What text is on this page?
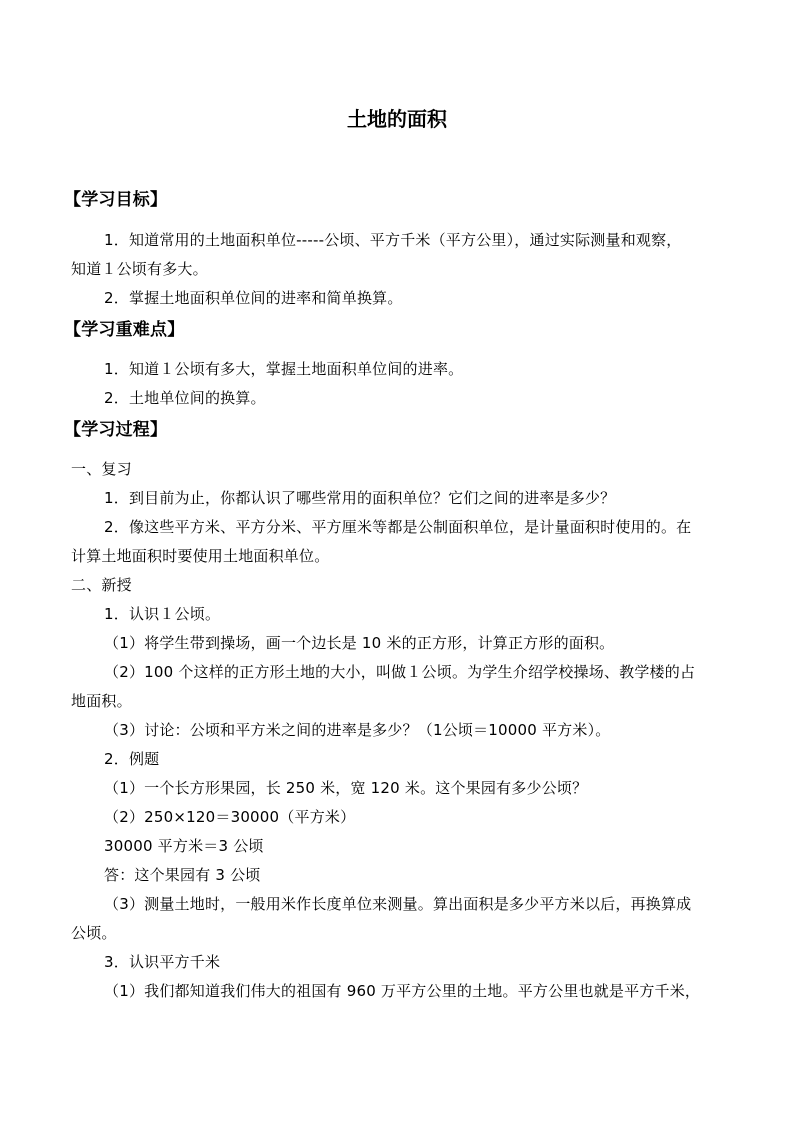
土地的面积
【学习目标】
1．知道常用的土地面积单位-----公顷、平方千米（平方公里），通过实际测量和观察，
知道１公顷有多大。
2．掌握土地面积单位间的进率和简单换算。
【学习重难点】
1．知道１公顷有多大，掌握土地面积单位间的进率。
2．土地单位间的换算。
【学习过程】
一、复习
1．到目前为止，你都认识了哪些常用的面积单位？它们之间的进率是多少？
2．像这些平方米、平方分米、平方厘米等都是公制面积单位，是计量面积时使用的。在
计算土地面积时要使用土地面积单位。
二、新授
1．认识１公顷。
（1）将学生带到操场，画一个边长是 10 米的正方形，计算正方形的面积。
（2）100 个这样的正方形土地的大小，叫做１公顷。为学生介绍学校操场、教学楼的占
地面积。
（3）讨论：公顷和平方米之间的进率是多少？（1公顷＝10000 平方米）。
2．例题
（1）一个长方形果园，长 250 米，宽 120 米。这个果园有多少公顷？
（2）250×120＝30000（平方米）
30000 平方米＝3 公顷
答：这个果园有 3 公顷
（3）测量土地时，一般用米作长度单位来测量。算出面积是多少平方米以后，再换算成
公顷。
3．认识平方千米
（1）我们都知道我们伟大的祖国有 960 万平方公里的土地。平方公里也就是平方千米，
